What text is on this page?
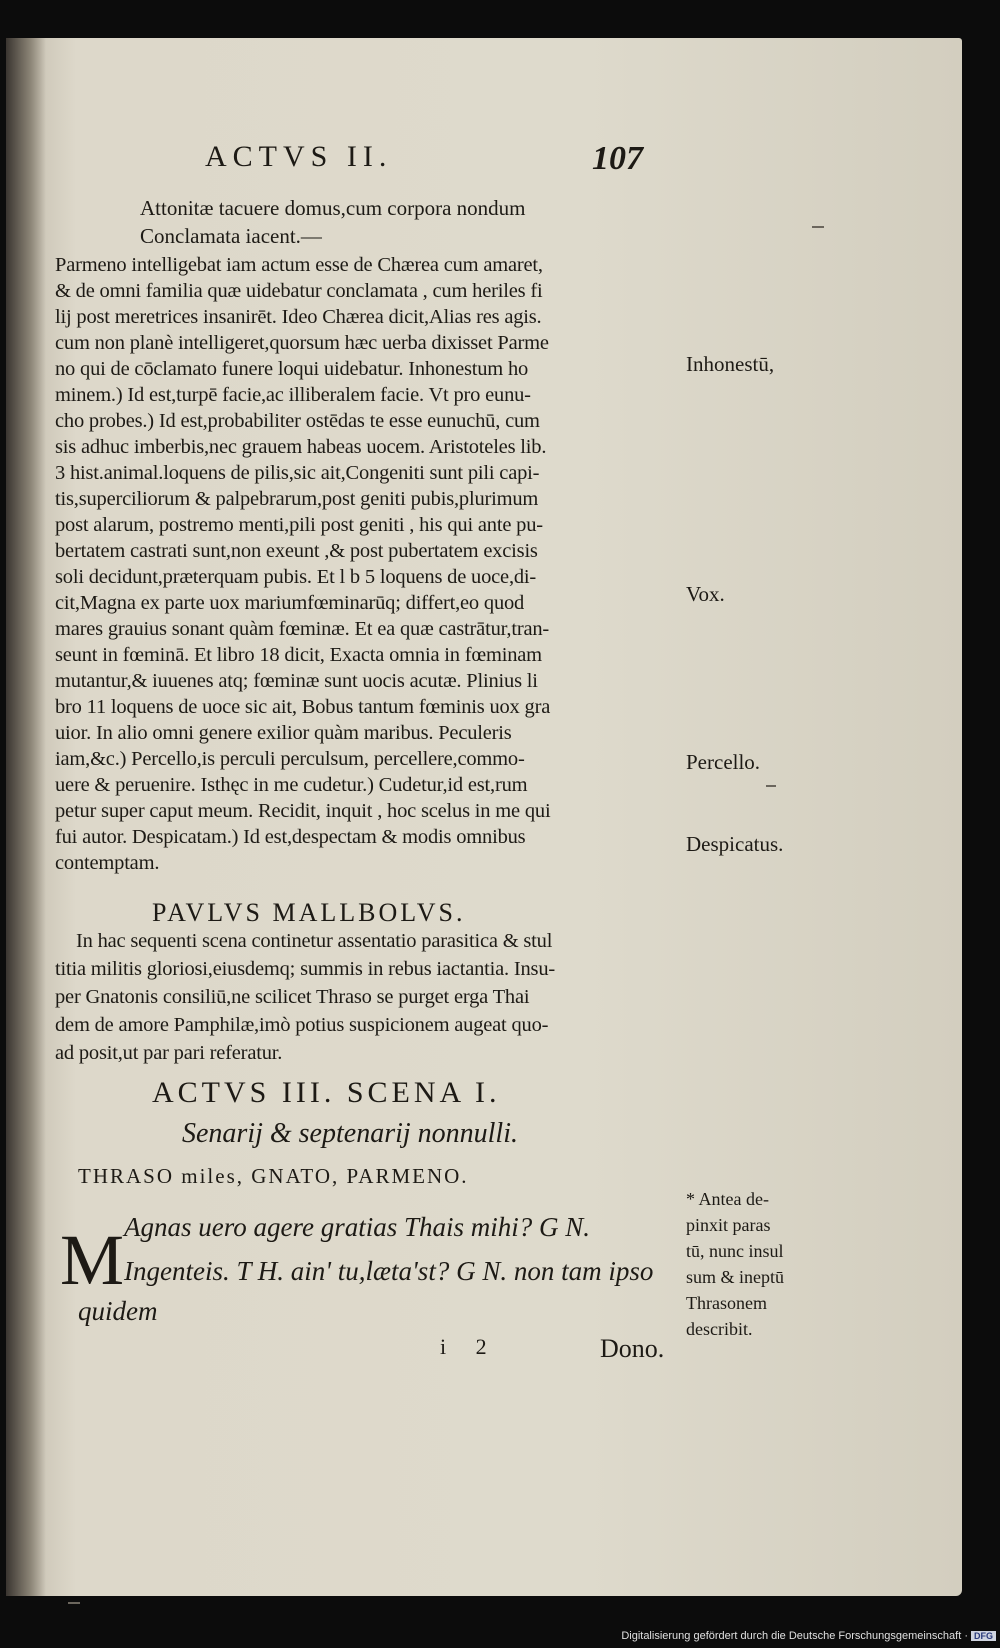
ACTVS II.	107
Attonitæ tacuere domus,cum corpora nondum
Conclamata iacent.—
Parmeno intelligebat iam actum esse de Chærea cum amaret,
& de omni familia quæ uidebatur conclamata , cum heriles fi
lij post meretrices insanirēt. Ideo Chærea dicit,Alias res agis.
cum non planè intelligeret,quorsum hæc uerba dixisset Parme
no qui de cōclamato funere loqui uidebatur. Inhonestum ho
minem.) Id est,turpē facie,ac illiberalem facie. Vt pro eunu-
cho probes.) Id est,probabiliter ostēdas te esse eunuchū, cum
sis adhuc imberbis,nec grauem habeas uocem. Aristoteles lib.
3 hist.animal.loquens de pilis,sic ait,Congeniti sunt pili capi-
tis,superciliorum & palpebrarum,post geniti pubis,plurimum
post alarum, postremo menti,pili post geniti , his qui ante pu-
bertatem castrati sunt,non exeunt ,& post pubertatem excisis
soli decidunt,præterquam pubis. Et l b 5 loquens de uoce,di-
cit,Magna ex parte uox mariumfœminarūq; differt,eo quod
mares grauius sonant quàm fœminæ. Et ea quæ castrātur,tran-
seunt in fœminā. Et libro 18 dicit, Exacta omnia in fœminam
mutantur,& iuuenes atq; fœminæ sunt uocis acutæ. Plinius li
bro 11 loquens de uoce sic ait, Bobus tantum fœminis uox gra
uior. In alio omni genere exilior quàm maribus. Peculeris
iam,&c.) Percello,is perculi perculsum, percellere,commo-
uere & peruenire. Isthęc in me cudetur.) Cudetur,id est,rum
petur super caput meum. Recidit, inquit , hoc scelus in me qui
fui autor. Despicatam.) Id est,despectam & modis omnibus
contemptam.
Inhonestū,
Vox.
Percello.
Despicatus.
PAVLVS MALLBOLVS.
In hac sequenti scena continetur assentatio parasitica & stul
titia militis gloriosi,eiusdemq; summis in rebus iactantia. Insu-
per Gnatonis consiliū,ne scilicet Thraso se purget erga Thai
dem de amore Pamphilæ,imò potius suspicionem augeat quo-
ad posit,ut par pari referatur.
ACTVS III. SCENA I.
Senarij & septenarij nonnulli.
THRASO miles, GNATO, PARMENO.
M Agnas uero agere gratias Thais mihi? G N.
Ingenteis. T H. ain' tu,læta'st? G N. non tam ipso
quidem
* Antea de-
pinxit paras
tū, nunc insul
sum & ineptū
Thrasonem
describit.
i 2	Dono.
Digitalisierung gefördert durch die Deutsche Forschungsgemeinschaft · DFG
